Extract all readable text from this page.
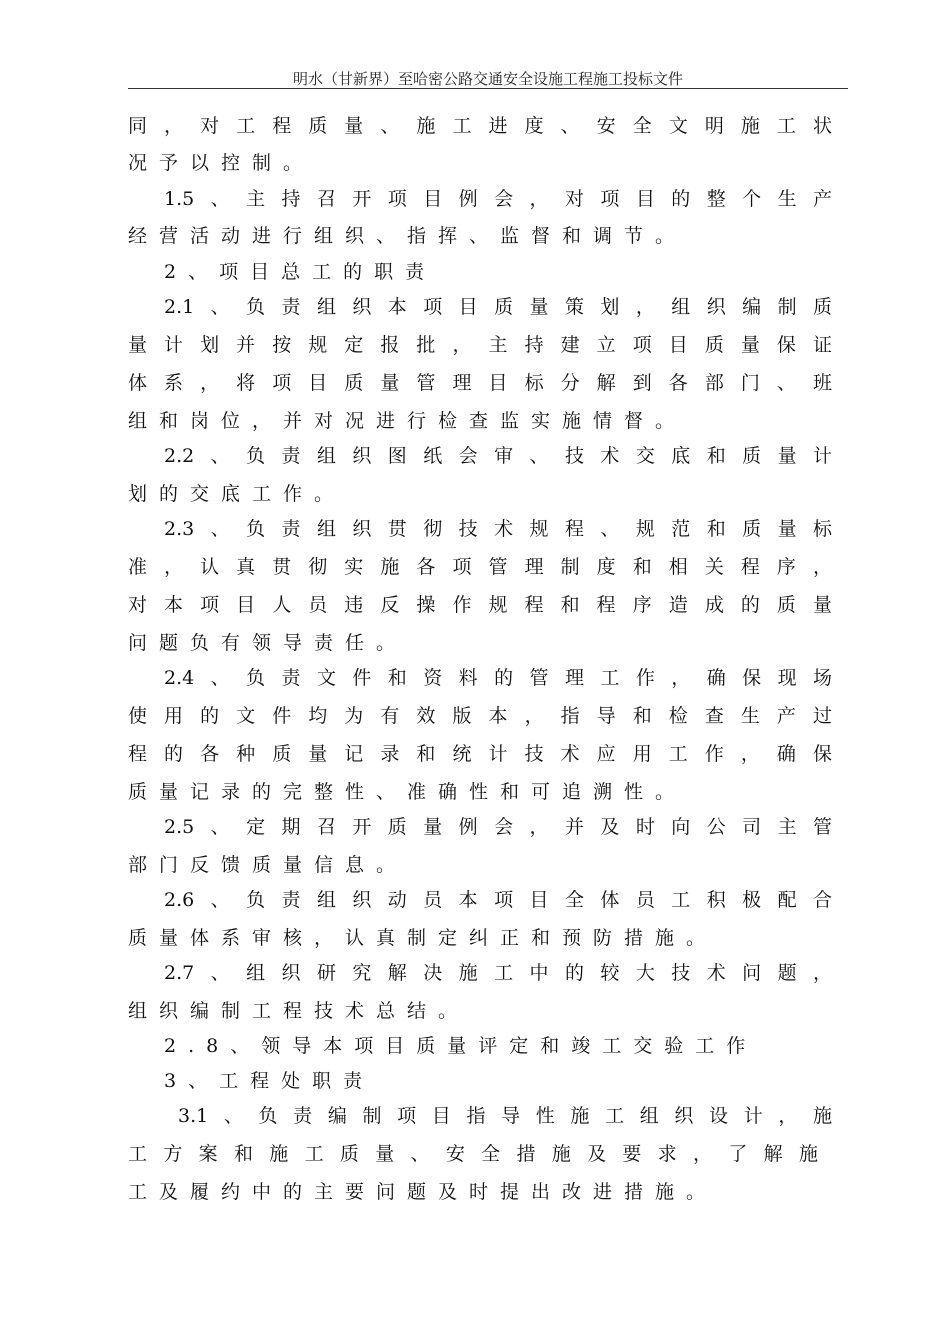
明水（甘新界）至哈密公路交通安全设施工程施工投标文件
同，对工程质量、施工进度、安全文明施工状
况予以控制。
1.5、主持召开项目例会，对项目的整个生产
经营活动进行组织、指挥、监督和调节。
2、项目总工的职责
2.1、负责组织本项目质量策划，组织编制质
量计划并按规定报批，主持建立项目质量保证
体系，将项目质量管理目标分解到各部门、班
组和岗位，并对况进行检查监实施情督。
2.2、负责组织图纸会审、技术交底和质量计
划的交底工作。
2.3、负责组织贯彻技术规程、规范和质量标
准，认真贯彻实施各项管理制度和相关程序，
对本项目人员违反操作规程和程序造成的质量
问题负有领导责任。
2.4、负责文件和资料的管理工作，确保现场
使用的文件均为有效版本，指导和检查生产过
程的各种质量记录和统计技术应用工作，确保
质量记录的完整性、准确性和可追溯性。
2.5、定期召开质量例会，并及时向公司主管
部门反馈质量信息。
2.6、负责组织动员本项目全体员工积极配合
质量体系审核，认真制定纠正和预防措施。
2.7、组织研究解决施工中的较大技术问题，
组织编制工程技术总结。
2.8、领导本项目质量评定和竣工交验工作
3、工程处职责
3.1、负责编制项目指导性施工组织设计，施
工方案和施工质量、安全措施及要求，了解施
工及履约中的主要问题及时提出改进措施。
